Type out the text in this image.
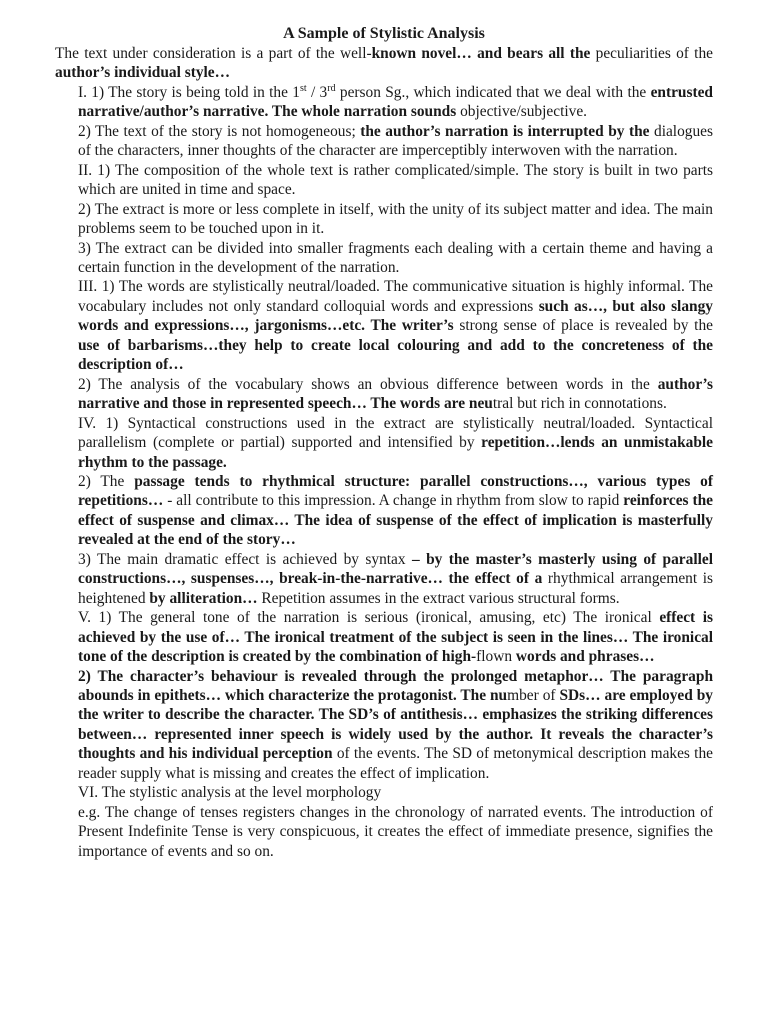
A Sample of Stylistic Analysis

The text under consideration is a part of the well-known novel… and bears all the peculiarities of the author’s individual style…

I. 1) The story is being told in the 1st / 3rd person Sg., which indicated that we deal with the entrusted narrative/author’s narrative. The whole narration sounds objective/subjective.

2) The text of the story is not homogeneous; the author’s narration is interrupted by the dialogues of the characters, inner thoughts of the character are imperceptibly interwoven with the narration.

II. 1) The composition of the whole text is rather complicated/simple. The story is built in two parts which are united in time and space.

2) The extract is more or less complete in itself, with the unity of its subject matter and idea. The main problems seem to be touched upon in it.

3) The extract can be divided into smaller fragments each dealing with a certain theme and having a certain function in the development of the narration.

III. 1) The words are stylistically neutral/loaded. The communicative situation is highly informal. The vocabulary includes not only standard colloquial words and expressions such as…, but also slangy words and expressions…, jargonisms…etc. The writer’s strong sense of place is revealed by the use of barbarisms…they help to create local colouring and add to the concreteness of the description of…

2) The analysis of the vocabulary shows an obvious difference between words in the author’s narrative and those in represented speech… The words are neutral but rich in connotations.

IV. 1) Syntactical constructions used in the extract are stylistically neutral/loaded. Syntactical parallelism (complete or partial) supported and intensified by repetition…lends an unmistakable rhythm to the passage.

2) The passage tends to rhythmical structure: parallel constructions…, various types of repetitions… - all contribute to this impression. A change in rhythm from slow to rapid reinforces the effect of suspense and climax… The idea of suspense of the effect of implication is masterfully revealed at the end of the story…

3) The main dramatic effect is achieved by syntax – by the master’s masterly using of parallel constructions…, suspenses…, break-in-the-narrative… the effect of a rhythmical arrangement is heightened by alliteration… Repetition assumes in the extract various structural forms.

V. 1) The general tone of the narration is serious (ironical, amusing, etc) The ironical effect is achieved by the use of… The ironical treatment of the subject is seen in the lines… The ironical tone of the description is created by the combination of high-flown words and phrases…

2) The character’s behaviour is revealed through the prolonged metaphor… The paragraph abounds in epithets… which characterize the protagonist. The number of SDs… are employed by the writer to describe the character. The SD’s of antithesis… emphasizes the striking differences between… represented inner speech is widely used by the author. It reveals the character’s thoughts and his individual perception of the events. The SD of metonymical description makes the reader supply what is missing and creates the effect of implication.

VI. The stylistic analysis at the level morphology

e.g. The change of tenses registers changes in the chronology of narrated events. The introduction of Present Indefinite Tense is very conspicuous, it creates the effect of immediate presence, signifies the importance of events and so on.
